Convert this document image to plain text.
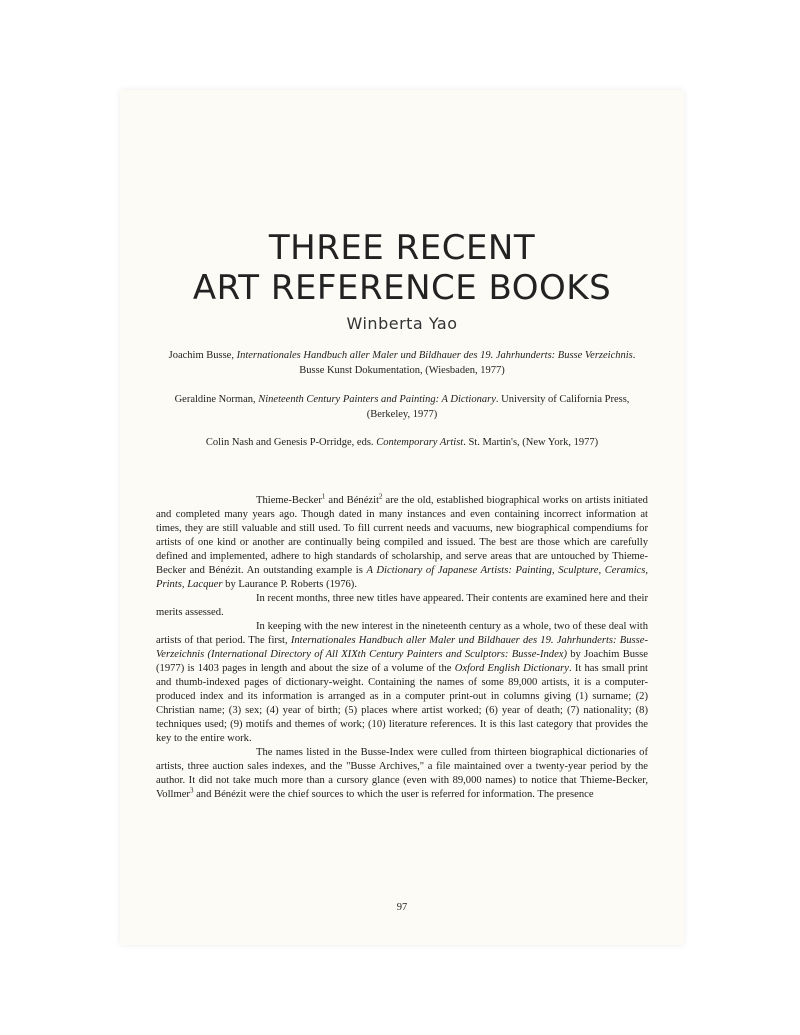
THREE RECENT
ART REFERENCE BOOKS

Winberta Yao

Joachim Busse, Internationales Handbuch aller Maler und Bildhauer des 19. Jahrhunderts: Busse Verzeichnis. Busse Kunst Dokumentation, (Wiesbaden, 1977)

Geraldine Norman, Nineteenth Century Painters and Painting: A Dictionary. University of California Press, (Berkeley, 1977)

Colin Nash and Genesis P-Orridge, eds. Contemporary Artist. St. Martin's, (New York, 1977)

Thieme-Becker$^1$ and Bénézit$^2$ are the old, established biographical works on artists initiated and completed many years ago. Though dated in many instances and even containing incorrect information at times, they are still valuable and still used. To fill current needs and vacuums, new biographical compendiums for artists of one kind or another are continually being compiled and issued. The best are those which are carefully defined and implemented, adhere to high standards of scholarship, and serve areas that are untouched by Thieme-Becker and Bénézit. An outstanding example is A Dictionary of Japanese Artists: Painting, Sculpture, Ceramics, Prints, Lacquer by Laurance P. Roberts (1976).

In recent months, three new titles have appeared. Their contents are examined here and their merits assessed.

In keeping with the new interest in the nineteenth century as a whole, two of these deal with artists of that period. The first, Internationales Handbuch aller Maler und Bildhauer des 19. Jahrhunderts: Busse-Verzeichnis (International Directory of All XIXth Century Painters and Sculptors: Busse-Index) by Joachim Busse (1977) is 1403 pages in length and about the size of a volume of the Oxford English Dictionary. It has small print and thumb-indexed pages of dictionary-weight. Containing the names of some 89,000 artists, it is a computer-produced index and its information is arranged as in a computer print-out in columns giving (1) surname; (2) Christian name; (3) sex; (4) year of birth; (5) places where artist worked; (6) year of death; (7) nationality; (8) techniques used; (9) motifs and themes of work; (10) literature references. It is this last category that provides the key to the entire work.

The names listed in the Busse-Index were culled from thirteen biographical dictionaries of artists, three auction sales indexes, and the "Busse Archives," a file maintained over a twenty-year period by the author. It did not take much more than a cursory glance (even with 89,000 names) to notice that Thieme-Becker, Vollmer$^3$ and Bénézit were the chief sources to which the user is referred for information. The presence

97
